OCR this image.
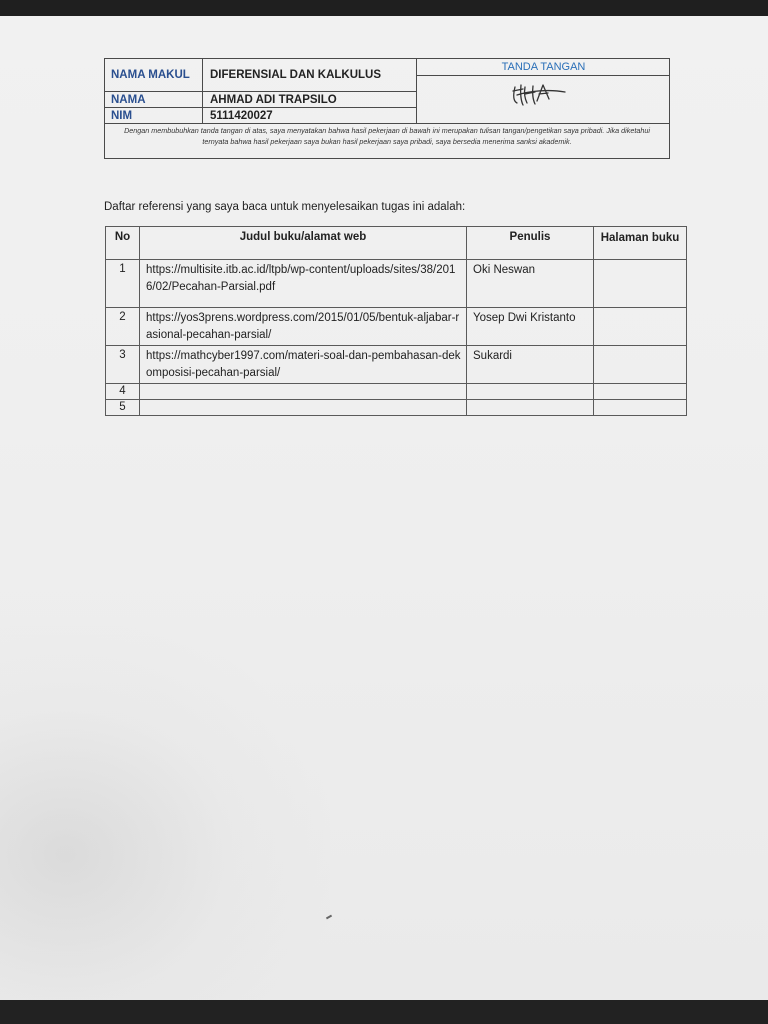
NAMA MAKUL	DIFERENSIAL DAN KALKULUS
NAMA	AHMAD ADI TRAPSILO
NIM	5111420027
TANDA TANGAN
Dengan membubuhkan tanda tangan di atas, saya menyatakan bahwa hasil pekerjaan di bawah ini merupakan tulisan tangan/pengetikan saya pribadi. Jika diketahui ternyata bahwa hasil pekerjaan saya bukan hasil pekerjaan saya pribadi, saya bersedia menerima sanksi akademik.
Daftar referensi yang saya baca untuk menyelesaikan tugas ini adalah:
No	Judul buku/alamat web	Penulis	Halaman buku
1	https://multisite.itb.ac.id/ltpb/wp-content/uploads/sites/38/2016/02/Pecahan-Parsial.pdf	Oki Neswan	
2	https://yos3prens.wordpress.com/2015/01/05/bentuk-aljabar-rasional-pecahan-parsial/	Yosep Dwi Kristanto	
3	https://mathcyber1997.com/materi-soal-dan-pembahasan-dekomposisi-pecahan-parsial/	Sukardi	
4			
5			
